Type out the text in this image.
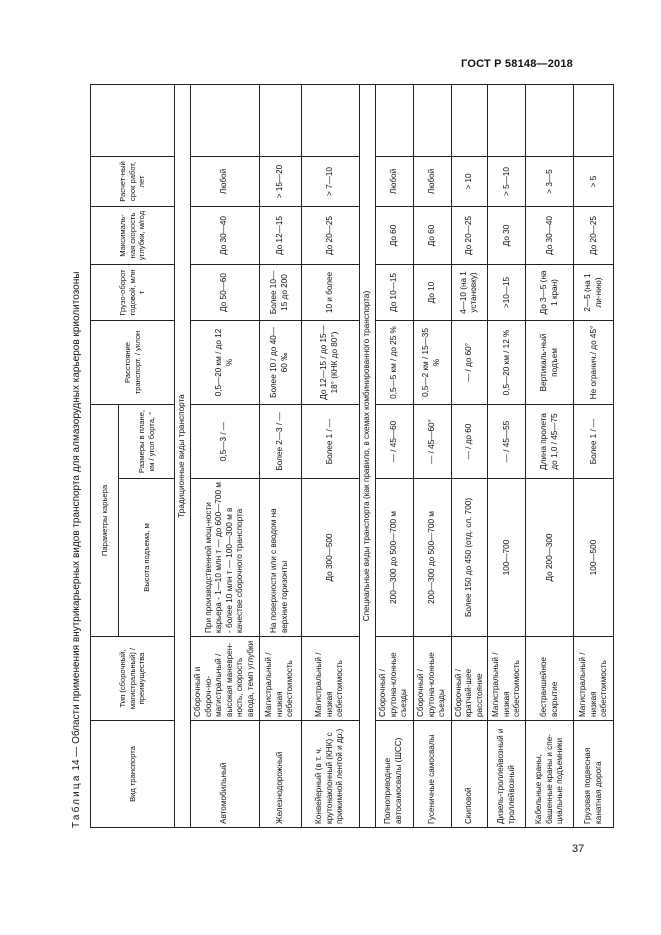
ГОСТ Р 58148—2018
Таблица 14 — Области применения внутрикарьерных видов транспорта для алмазорудных карьеров криолитозоны
Вид транспорта	Тип (сборочный, магистральный) / преимущества	Параметры карьера		Расстояние транспорт. / уклон	Грузо-оборот годовой, млн т	Максималь-ная скорость углубки, м/год	Расчет-ный срок работ, лет	
		Высота подъема, м	Размеры в плане, км / угол борта, °					
Традиционные виды транспорта								
Автомобильный	Сборочный и сбороч-но-магистральный / высокая маневрен-ность, скорость ввода, темп углубки	При производственной мощ-ности карьера - 1—10 млн т — до 600—700 м - более 10 млн т — 100—300 м в качестве сборочного транспорта	0,5—3 / —	0,5—20 км / до 12 %	До 50—60	До 30—40	Любой	
Железнодорожный	Магистральный / низкая себестоимость	На поверхности или с вводом на верхние горизонты	Более 2—3 / —	Более 10 / до 40—60 ‰	Более 10—15 до 200	До 12—15	> 15—20	
Конвейерный (в т. ч. крутонаклонный (КНК) с прижимной лентой и др.)	Магистральный / низкая себестоимость	До 300—500	Более 1 / —	До 12—15 / до 15—18° (КНК до 80°)	10 и более	До 20—25	> 7—10	
Специальные виды транспорта (как правило, в схемах комбинированного транспорта)								
Полноприводные автосамосвалы (ШСС)	Сборочный / крутона-клонные съезды	200—300 до 500—700 м	— / 45—60	0,5—5 км / до 25 %	До 10—15	До 60	Любой	
Гусеничные самосвалы	Сборочный / крутона-клонные съезды	200—300 до 500—700 м	— / 45—60°	0,5—2 км / 15—35 %	До 10	До 60	Любой	
Скиповой	Сборочный / кратчай-шее расстояние	Более 150 до 450 (отд. сл. 700)	— / до 60	— / до 60°	4—10 (на 1 установку)	До 20—25	> 10	
Дизель-троллейвозный и троллейвозный	Магистральный / низкая себестоимость	100—700	— / 45—55	0,5—20 км / 12 %	>10—15	До 30	> 5—10	
Кабельные краны, башенные краны и спе-циальные подъемники	бестраншейное вскрытие	До 200—300	Длина пролета до 1,0 / 45—75	Вертикаль-ный подъем	До 3—5 (на 1 кран)	До 30—40	> 3—5	
Грузовая подвесная канатная дорога	Магистральный / низкая себестоимость	100—500	Более 1 / —	Не огранич./ до 45°	2—5 (на 1 ли-нию)	До 20—25	> 5	
37
